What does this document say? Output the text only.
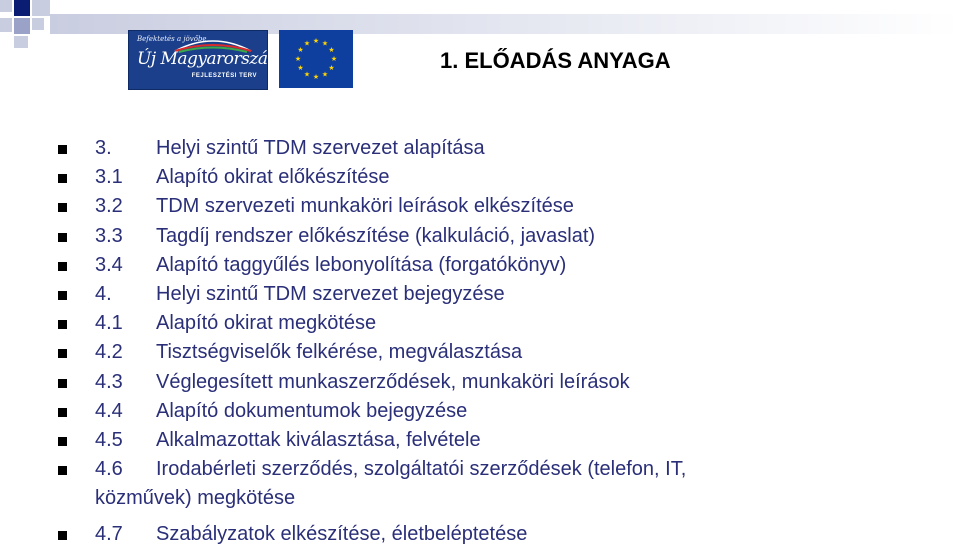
Befektetés a jövőbe
Új Magyarország
FEJLESZTÉSI TERV
★ ★
★
★
★
★
★
★
★
★
★
★
1. ELŐADÁS ANYAGA
3. Helyi szintű TDM szervezet alapítása
3.1 Alapító okirat előkészítése
3.2 TDM szervezeti munkaköri leírások elkészítése
3.3 Tagdíj rendszer előkészítése (kalkuláció, javaslat)
3.4 Alapító taggyűlés lebonyolítása (forgatókönyv)
4. Helyi szintű TDM szervezet bejegyzése
4.1 Alapító okirat megkötése
4.2 Tisztségviselők felkérése, megválasztása
4.3 Véglegesített munkaszerződések, munkaköri leírások
4.4 Alapító dokumentumok bejegyzése
4.5 Alkalmazottak kiválasztása, felvétele
4.6 Irodabérleti szerződés, szolgáltatói szerződések (telefon, IT,
közművek) megkötése
4.7 Szabályzatok elkészítése, életbeléptetése
